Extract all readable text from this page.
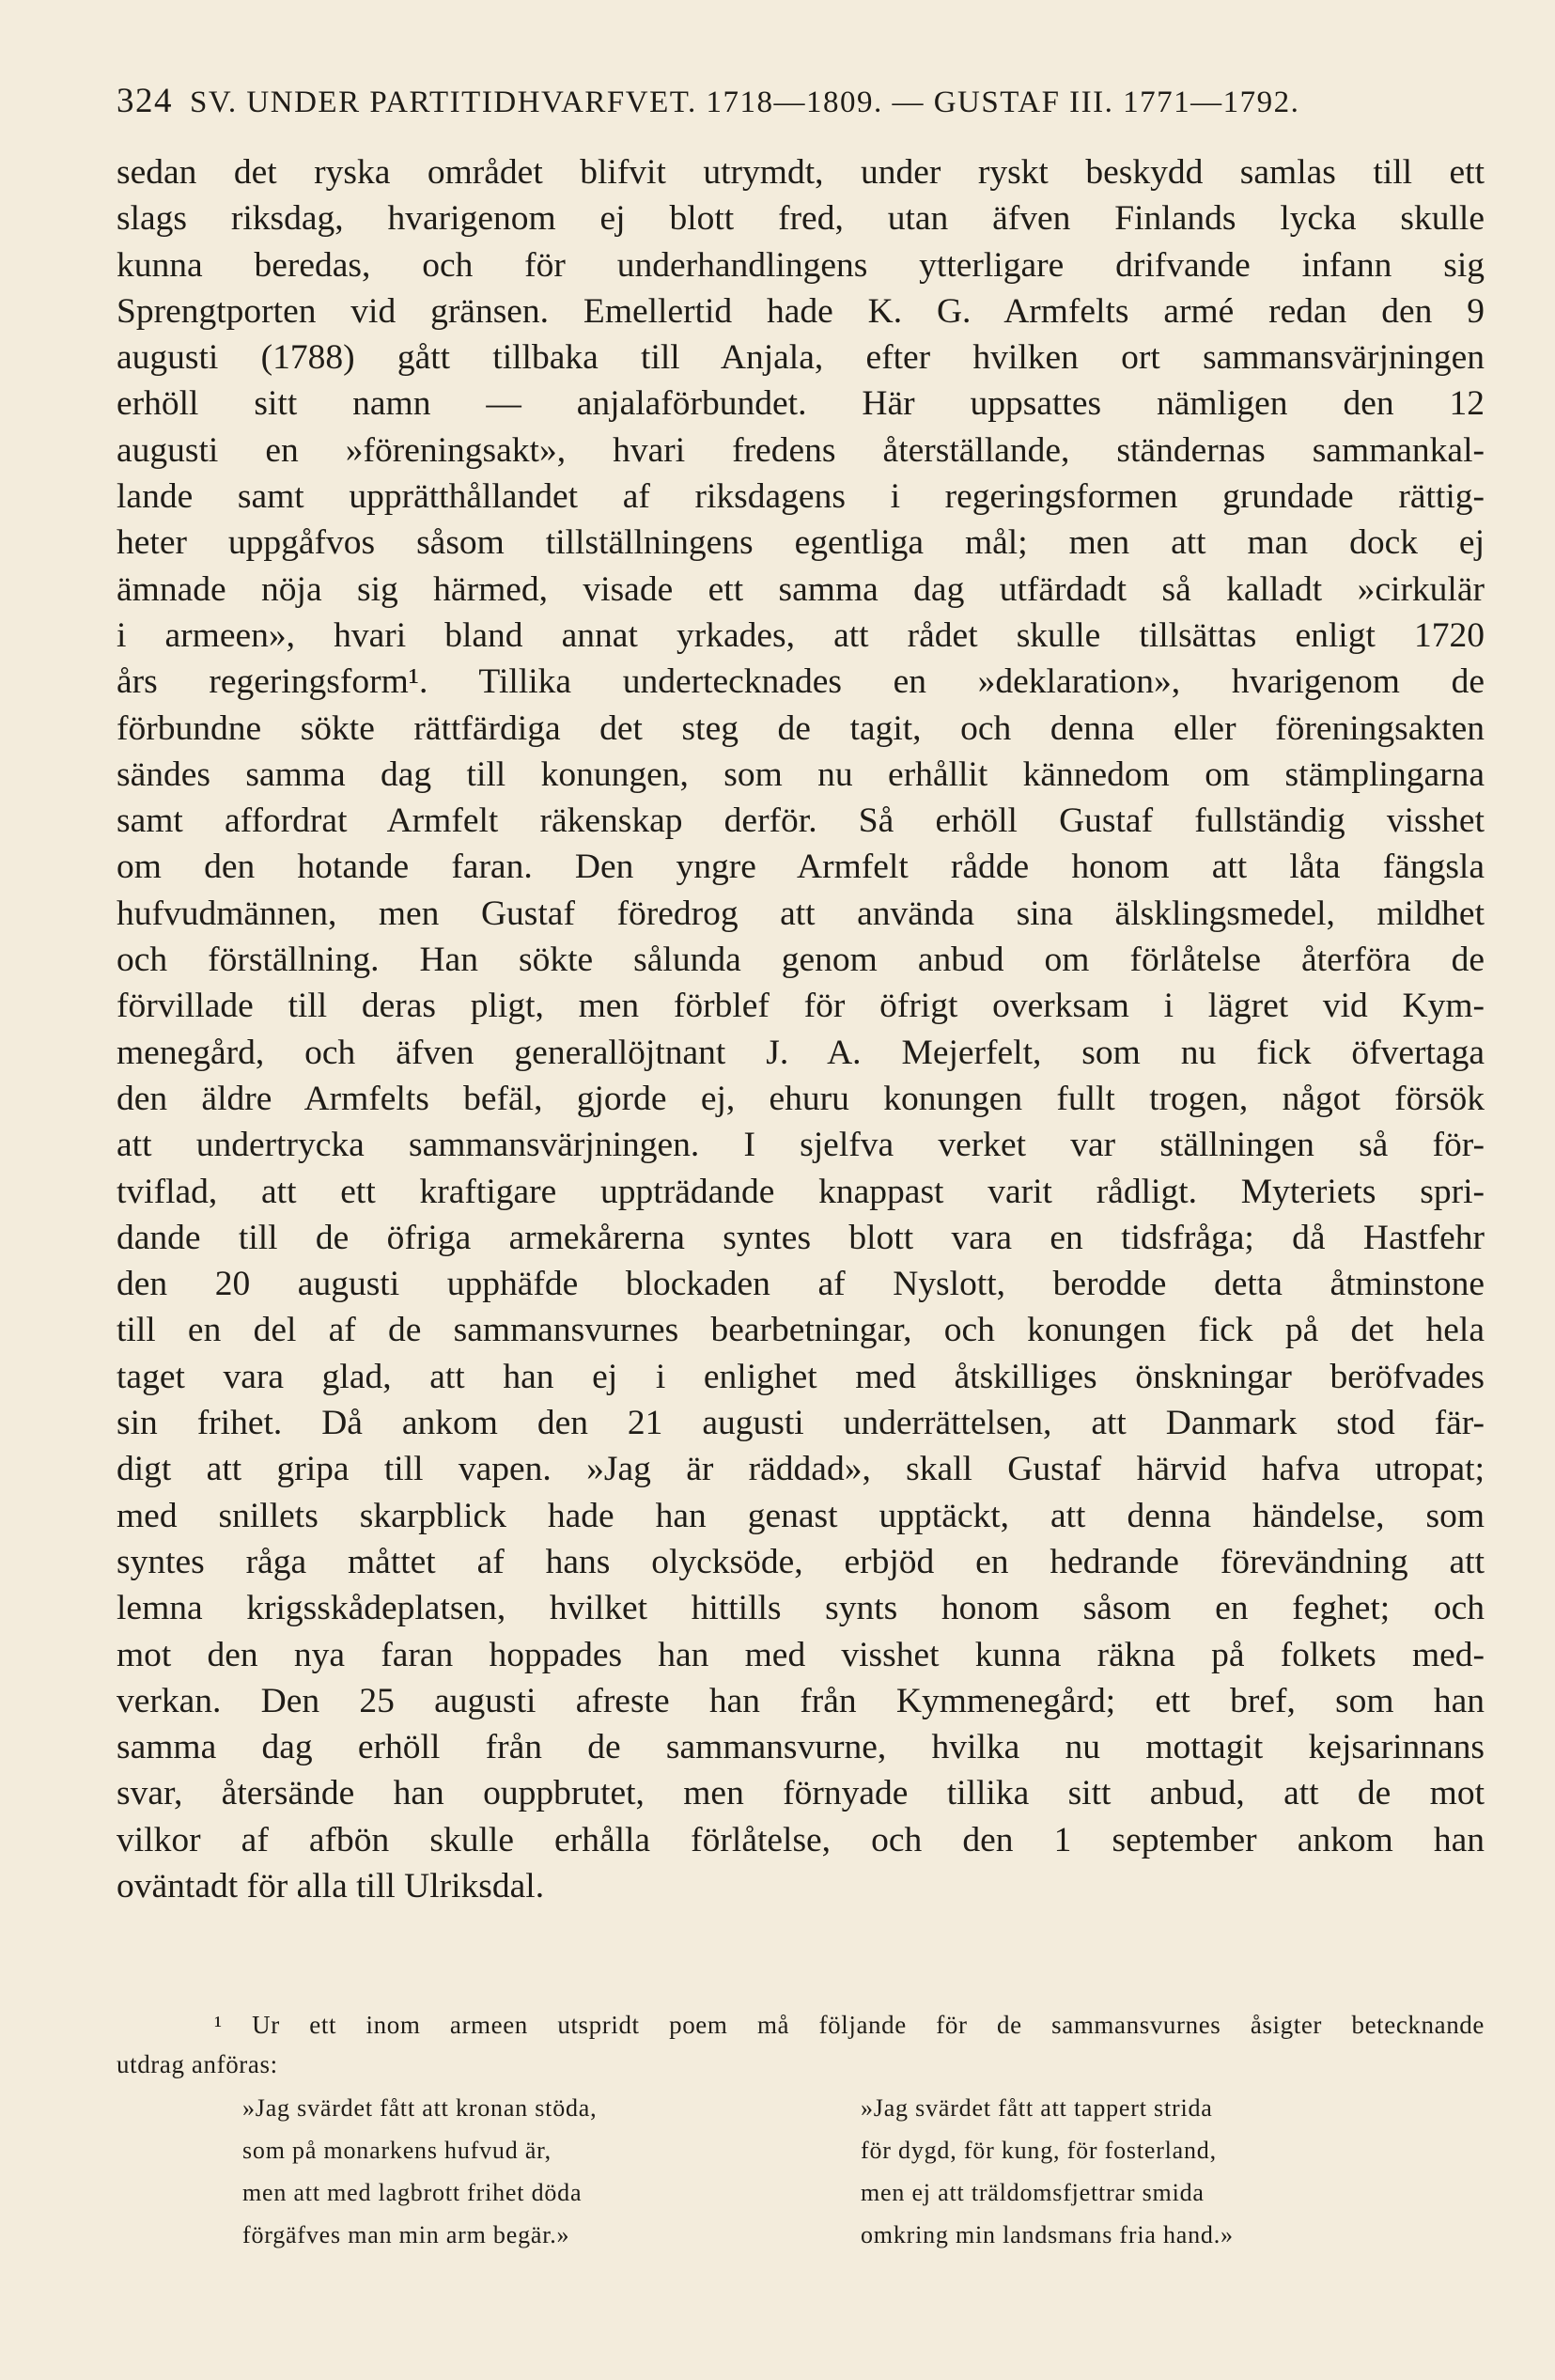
324 SV. UNDER PARTITIDHVARFVET. 1718—1809. — GUSTAF III. 1771—1792.
sedan det ryska området blifvit utrymdt, under ryskt beskydd samlas till ett
slags riksdag, hvarigenom ej blott fred, utan äfven Finlands lycka skulle
kunna beredas, och för underhandlingens ytterligare drifvande infann sig
Sprengtporten vid gränsen. Emellertid hade K. G. Armfelts armé redan den 9
augusti (1788) gått tillbaka till Anjala, efter hvilken ort sammansvärjningen
erhöll sitt namn — anjalaförbundet. Här uppsattes nämligen den 12
augusti en »föreningsakt», hvari fredens återställande, ständernas sammankal-
lande samt upprätthållandet af riksdagens i regeringsformen grundade rättig-
heter uppgåfvos såsom tillställningens egentliga mål; men att man dock ej
ämnade nöja sig härmed, visade ett samma dag utfärdadt så kalladt »cirkulär
i armeen», hvari bland annat yrkades, att rådet skulle tillsättas enligt 1720
års regeringsform¹. Tillika undertecknades en »deklaration», hvarigenom de
förbundne sökte rättfärdiga det steg de tagit, och denna eller föreningsakten
sändes samma dag till konungen, som nu erhållit kännedom om stämplingarna
samt affordrat Armfelt räkenskap derför. Så erhöll Gustaf fullständig visshet
om den hotande faran. Den yngre Armfelt rådde honom att låta fängsla
hufvudmännen, men Gustaf föredrog att använda sina älsklingsmedel, mildhet
och förställning. Han sökte sålunda genom anbud om förlåtelse återföra de
förvillade till deras pligt, men förblef för öfrigt overksam i lägret vid Kym-
menegård, och äfven generallöjtnant J. A. Mejerfelt, som nu fick öfvertaga
den äldre Armfelts befäl, gjorde ej, ehuru konungen fullt trogen, något försök
att undertrycka sammansvärjningen. I sjelfva verket var ställningen så för-
tviflad, att ett kraftigare uppträdande knappast varit rådligt. Myteriets spri-
dande till de öfriga armekårerna syntes blott vara en tidsfråga; då Hastfehr
den 20 augusti upphäfde blockaden af Nyslott, berodde detta åtminstone
till en del af de sammansvurnes bearbetningar, och konungen fick på det hela
taget vara glad, att han ej i enlighet med åtskilliges önskningar beröfvades
sin frihet. Då ankom den 21 augusti underrättelsen, att Danmark stod fär-
digt att gripa till vapen. »Jag är räddad», skall Gustaf härvid hafva utropat;
med snillets skarpblick hade han genast upptäckt, att denna händelse, som
syntes råga måttet af hans olycksöde, erbjöd en hedrande förevändning att
lemna krigsskådeplatsen, hvilket hittills synts honom såsom en feghet; och
mot den nya faran hoppades han med visshet kunna räkna på folkets med-
verkan. Den 25 augusti afreste han från Kymmenegård; ett bref, som han
samma dag erhöll från de sammansvurne, hvilka nu mottagit kejsarinnans
svar, återsände han ouppbrutet, men förnyade tillika sitt anbud, att de mot
vilkor af afbön skulle erhålla förlåtelse, och den 1 september ankom han
oväntadt för alla till Ulriksdal.
¹ Ur ett inom armeen utspridt poem må följande för de sammansvurnes åsigter betecknande
utdrag anföras:
»Jag svärdet fått att kronan stöda,
som på monarkens hufvud är,
men att med lagbrott frihet döda
förgäfves man min arm begär.»
»Jag svärdet fått att tappert strida
för dygd, för kung, för fosterland,
men ej att träldomsfjettrar smida
omkring min landsmans fria hand.»
